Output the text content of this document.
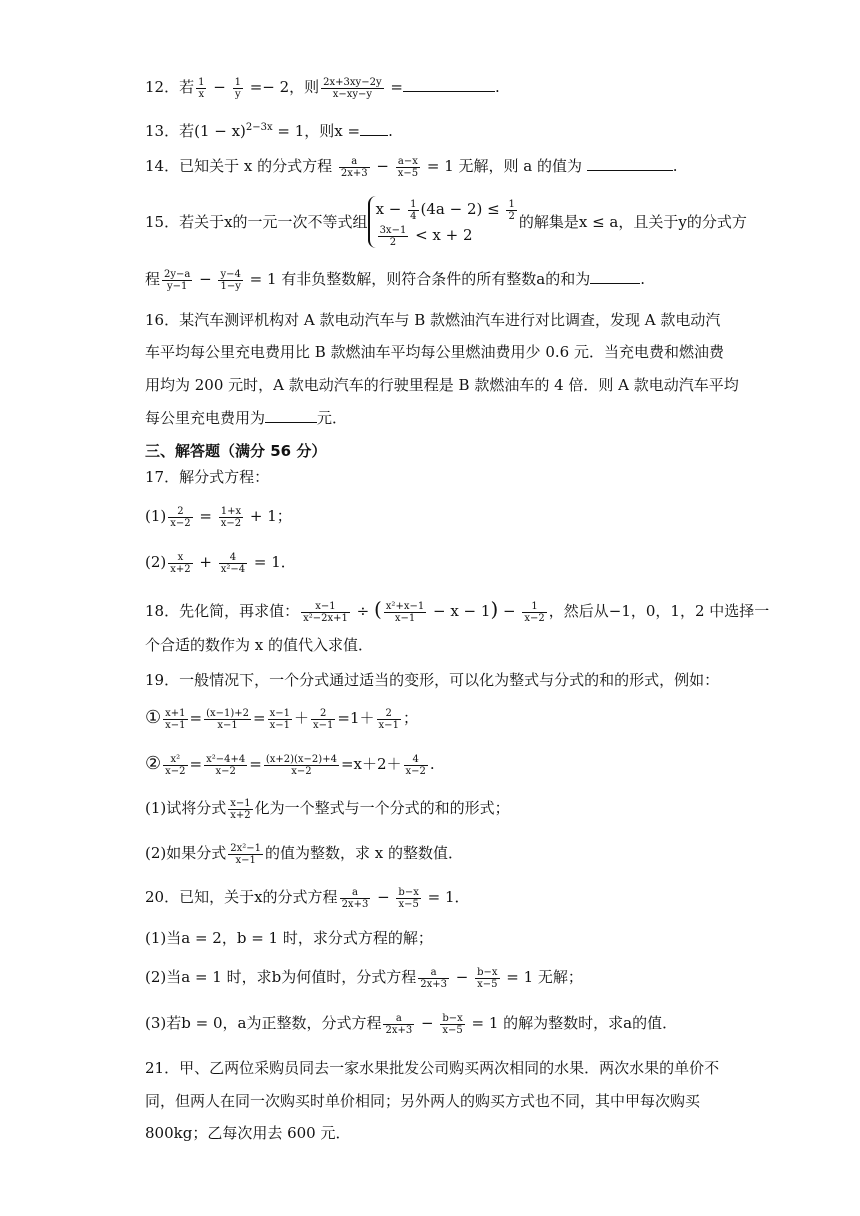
12．若 $\frac{1}{x} - \frac{1}{y} =- 2$，则 $\frac{2x+3xy-2y}{x-xy-y}$ =	.
13．若$(1 - x)^{2-3x} = 1$，则x = .
14．已知关于 x 的分式方程 $\frac{a}{2x+3} - \frac{a-x}{x-5} = 1$ 无解，则 a 的值为	.
15．若关于x的一元一次不等式组
$x - \frac{1}{4} (4a - 2) \le \frac{1}{2}$
$\frac{3x-1}{2} < x + 2$
的解集是x ≤ a，且关于y的分式方
程 $\frac{2y-a}{y-1} - \frac{y-4}{1-y} = 1$ 有非负整数解，则符合条件的所有整数a的和为	.
16．某汽车测评机构对 A 款电动汽车与 B 款燃油汽车进行对比调查，发现 A 款电动汽
车平均每公里充电费用比 B 款燃油车平均每公里燃油费用少 0.6 元．当充电费和燃油费
用均为 200 元时，A 款电动汽车的行驶里程是 B 款燃油车的 4 倍．则 A 款电动汽车平均
每公里充电费用为	元．
三、解答题（满分 56 分）
17．解分式方程：
$(1) \frac{2}{x-2} = \frac{1+x}{x-2} + 1$；
$(2) \frac{x}{x+2} + \frac{4}{\text{x²−4}} = 1$．
18．先化简，再求值： $\frac{x-1}{\text{x²−2x+1}}$ ÷ ( $\frac{\text{x²+x−1}}{x-1} - x - 1) - \frac{1}{x-2}$ ，然后从−1，0，1，2 中选择一
个合适的数作为 x 的值代入求值．
19．一般情况下，一个分式通过适当的变形，可以化为整式与分式的和的形式，例如：
① $\frac{x+1}{x-1} = \frac{(x-1)+2}{x-1} = \frac{x-1}{x-1} + \frac{2}{x-1} =1+ \frac{2}{x-1}$ ；
② $\frac{\text{x²}}{x-2} = \frac{\text{x²−4+4}}{x-2} = \frac{(x+2)(x-2)+4}{x-2} =x+2+ \frac{4}{x-2}$ .
(1)试将分式 $\frac{x-1}{x+2}$ 化为一个整式与一个分式的和的形式；
(2)如果分式 $\frac{\text{2x²−1}}{x-1}$ 的值为整数，求 x 的整数值．
20．已知，关于x的分式方程 $\frac{a}{2x+3} - \frac{b-x}{x-5} = 1$．
(1)当a = 2，b = 1 时，求分式方程的解；
(2)当a = 1 时，求b为何值时，分式方程 $\frac{a}{2x+3} - \frac{b-x}{x-5} = 1$ 无解；
(3)若b = 0，a为正整数，分式方程 $\frac{a}{2x+3} - \frac{b-x}{x-5} = 1$ 的解为整数时，求a的值．
21．甲、乙两位采购员同去一家水果批发公司购买两次相同的水果．两次水果的单价不
同，但两人在同一次购买时单价相同；另外两人的购买方式也不同，其中甲每次购买
800kg；乙每次用去 600 元．
